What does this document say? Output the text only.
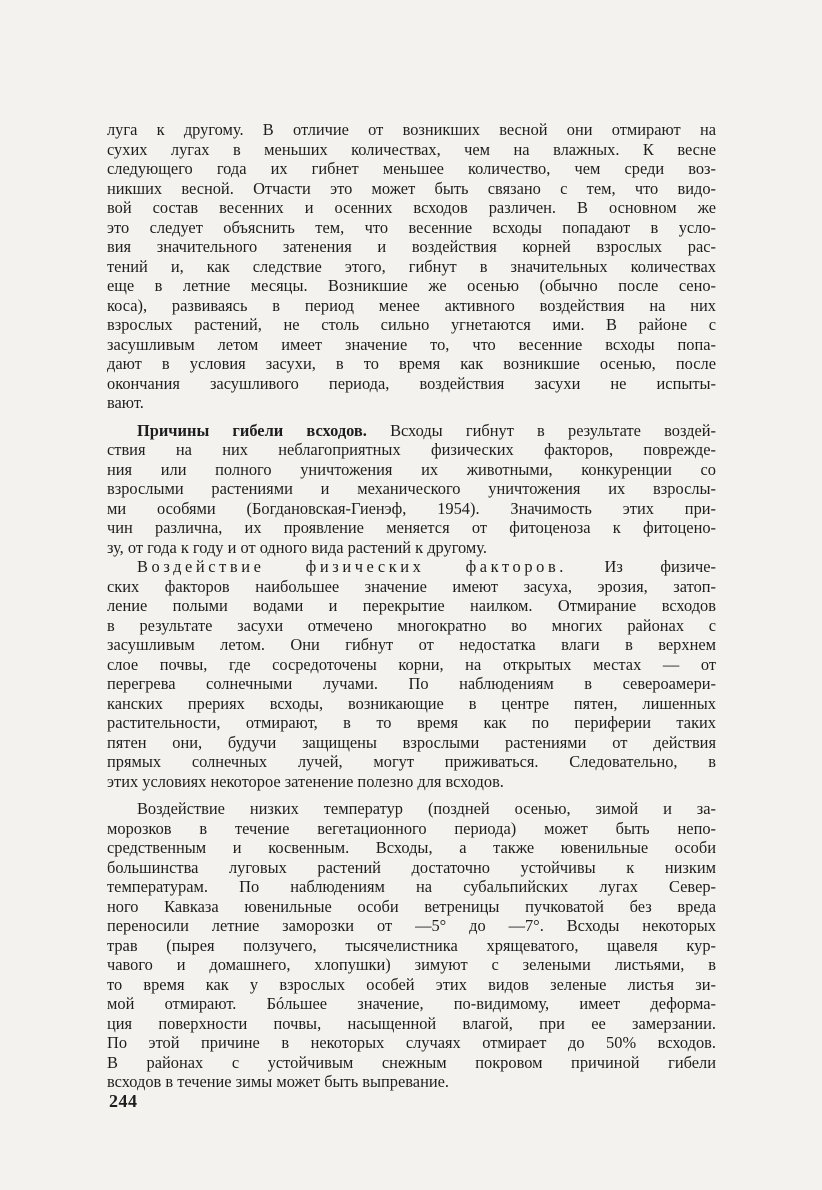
луга к другому. В отличие от возникших весной они отмирают на
сухих лугах в меньших количествах, чем на влажных. К весне
следующего года их гибнет меньшее количество, чем среди воз-
никших весной. Отчасти это может быть связано с тем, что видо-
вой состав весенних и осенних всходов различен. В основном же
это следует объяснить тем, что весенние всходы попадают в усло-
вия значительного затенения и воздействия корней взрослых рас-
тений и, как следствие этого, гибнут в значительных количествах
еще в летние месяцы. Возникшие же осенью (обычно после сено-
коса), развиваясь в период менее активного воздействия на них
взрослых растений, не столь сильно угнетаются ими. В районе с
засушливым летом имеет значение то, что весенние всходы попа-
дают в условия засухи, в то время как возникшие осенью, после
окончания засушливого периода, воздействия засухи не испыты-
вают.
Причины гибели всходов. Всходы гибнут в результате воздей-
ствия на них неблагоприятных физических факторов, поврежде-
ния или полного уничтожения их животными, конкуренции со
взрослыми растениями и механического уничтожения их взрослы-
ми особями (Богдановская-Гиенэф, 1954). Значимость этих при-
чин различна, их проявление меняется от фитоценоза к фитоцено-
зу, от года к году и от одного вида растений к другому.
Воздействие физических факторов. Из физиче-
ских факторов наибольшее значение имеют засуха, эрозия, затоп-
ление полыми водами и перекрытие наилком. Отмирание всходов
в результате засухи отмечено многократно во многих районах с
засушливым летом. Они гибнут от недостатка влаги в верхнем
слое почвы, где сосредоточены корни, на открытых местах — от
перегрева солнечными лучами. По наблюдениям в североамери-
канских прериях всходы, возникающие в центре пятен, лишенных
растительности, отмирают, в то время как по периферии таких
пятен они, будучи защищены взрослыми растениями от действия
прямых солнечных лучей, могут приживаться. Следовательно, в
этих условиях некоторое затенение полезно для всходов.
Воздействие низких температур (поздней осенью, зимой и за-
морозков в течение вегетационного периода) может быть непо-
средственным и косвенным. Всходы, а также ювенильные особи
большинства луговых растений достаточно устойчивы к низким
температурам. По наблюдениям на субальпийских лугах Север-
ного Кавказа ювенильные особи ветреницы пучковатой без вреда
переносили летние заморозки от —5° до —7°. Всходы некоторых
трав (пырея ползучего, тысячелистника хрящеватого, щавеля кур-
чавого и домашнего, хлопушки) зимуют с зелеными листьями, в
то время как у взрослых особей этих видов зеленые листья зи-
мой отмирают. Бóльшее значение, по-видимому, имеет деформа-
ция поверхности почвы, насыщенной влагой, при ее замерзании.
По этой причине в некоторых случаях отмирает до 50% всходов.
В районах с устойчивым снежным покровом причиной гибели
всходов в течение зимы может быть выпревание.
244
